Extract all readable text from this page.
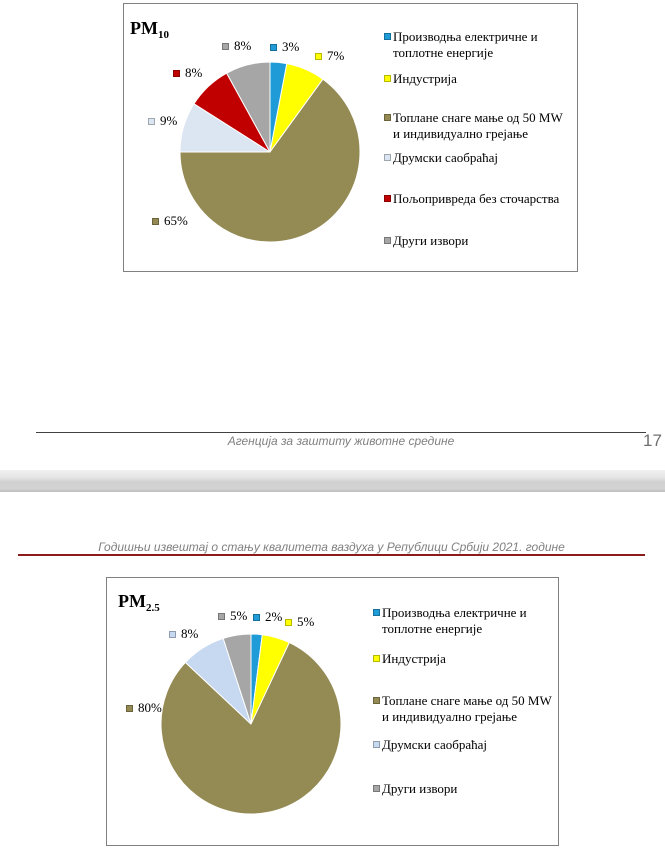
$PM_{10}$
3%
7%
65%
9%
8%
8%
Производња електричне и
топлотне енергије
Индустрија
Топлане снаге мање од 50 MW
и индивидуално грејање
Друмски саобраћај
Пољопривреда без сточарства
Други извори
Агенција за заштиту животне средине	17
Годишњи извештај о стању квалитета ваздуха у Републици Србији 2021. године
$PM_{2.5}$
2% 5%
80%
8%
5%	Производња електричне и
топлотне енергије
Индустрија
Топлане снаге мање од 50 MW
и индивидуално грејање
Друмски саобраћај
Други извори
